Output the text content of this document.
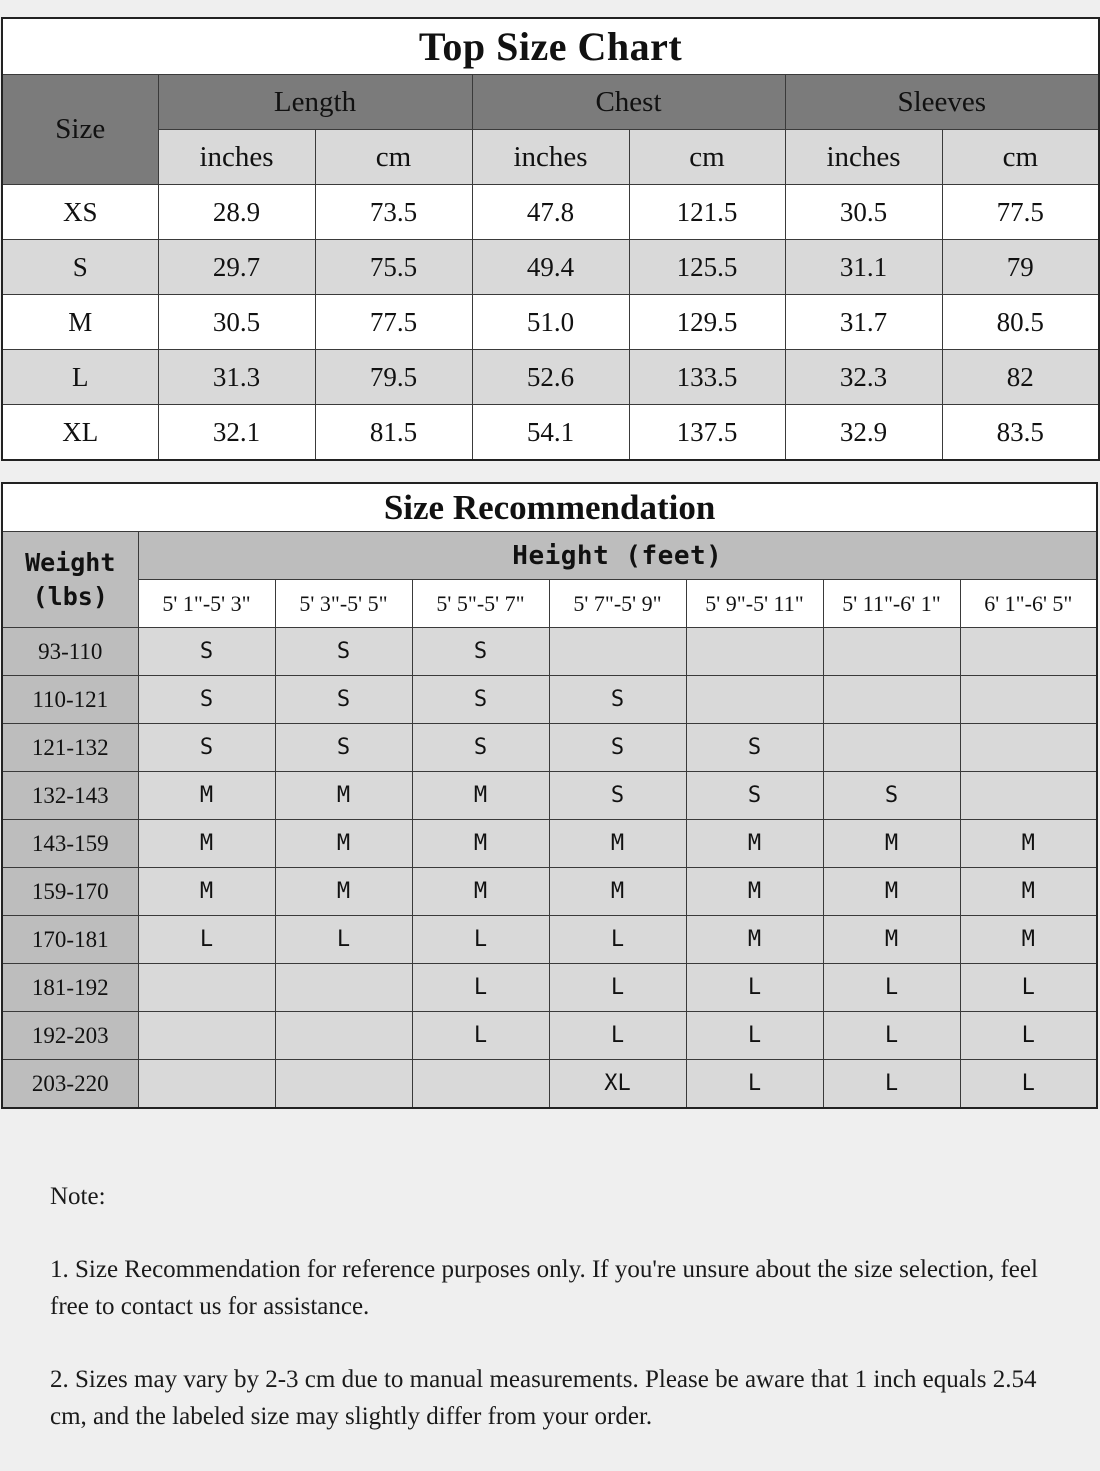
Top Size Chart						
Size	Length		Chest		Sleeves	
	inches	cm	inches	cm	inches	cm
XS	28.9	73.5	47.8	121.5	30.5	77.5
S	29.7	75.5	49.4	125.5	31.1	79
M	30.5	77.5	51.0	129.5	31.7	80.5
L	31.3	79.5	52.6	133.5	32.3	82
XL	32.1	81.5	54.1	137.5	32.9	83.5
Size Recommendation							

Weight
(lbs)	Height (feet)						
	5' 1"-5' 3"	5' 3"-5' 5"	5' 5"-5' 7"	5' 7"-5' 9"	5' 9"-5' 11"	5' 11"-6' 1"	6' 1"-6' 5"
93-110	S	S	S				
110-121	S	S	S	S			
121-132	S	S	S	S	S		
132-143	M	M	M	S	S	S	
143-159	M	M	M	M	M	M	M
159-170	M	M	M	M	M	M	M
170-181	L	L	L	L	M	M	M
181-192			L	L	L	L	L
192-203			L	L	L	L	L
203-220				XL	L	L	L

Note:

1. Size Recommendation for reference purposes only. If you're unsure about the size selection, feel free to contact us for assistance.

2. Sizes may vary by 2-3 cm due to manual measurements. Please be aware that 1 inch equals 2.54 cm, and the labeled size may slightly differ from your order.
